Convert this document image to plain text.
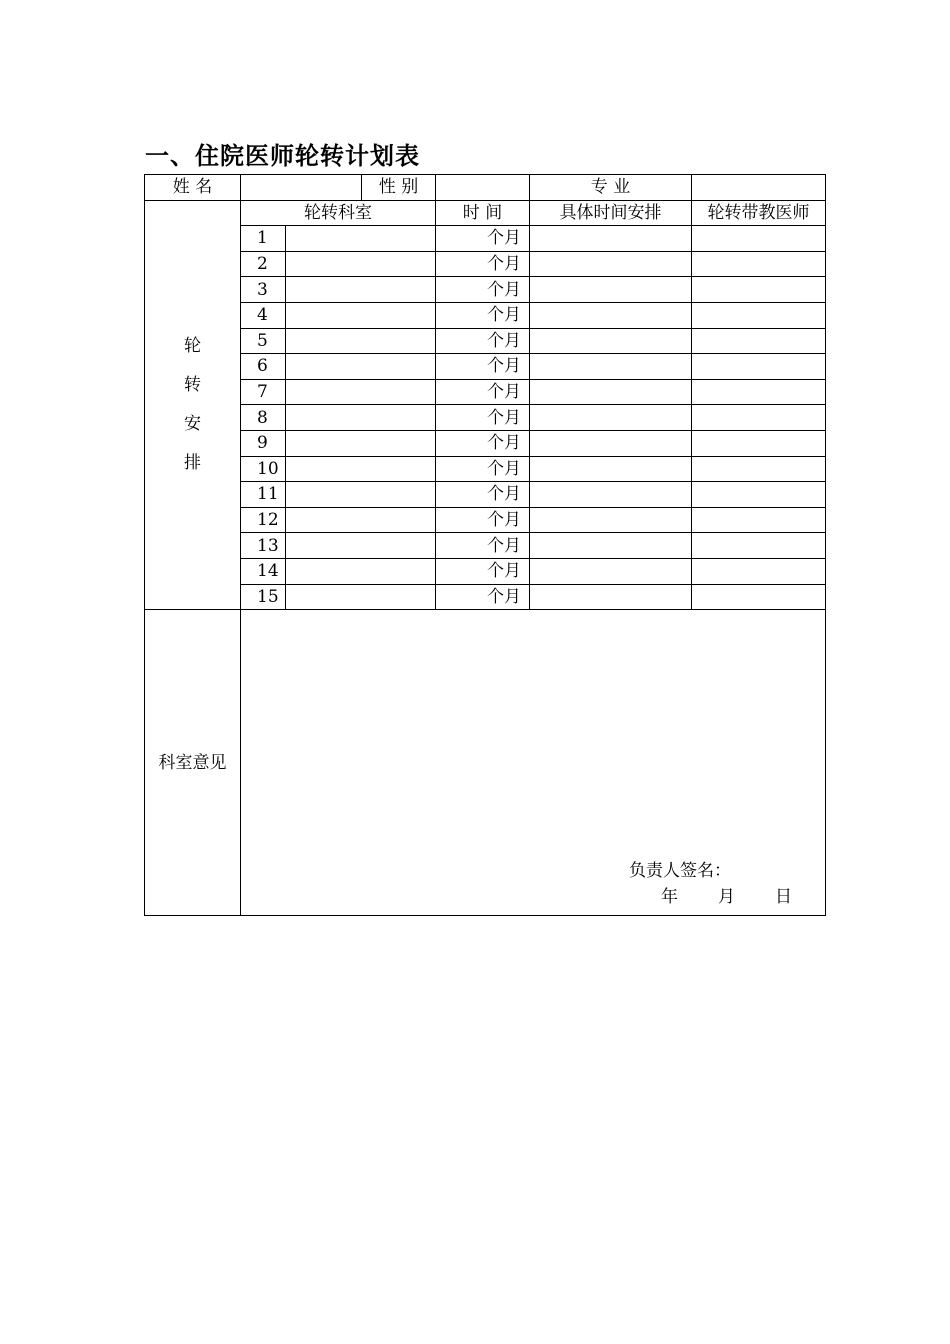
一、住院医师轮转计划表
姓 名			性 别		专 业	

轮
转
安
排	轮转科室			时 间	具体时间安排	轮转带教医师
	1			个月		
	2			个月		
	3			个月		
	4			个月		
	5			个月		
	6			个月		
	7			个月		
	8			个月		
	9			个月		
	10			个月		
	11			个月		
	12			个月		
	13			个月		
	14			个月		
	15			个月		
科室意见	负责人签名：
年 月 日					
